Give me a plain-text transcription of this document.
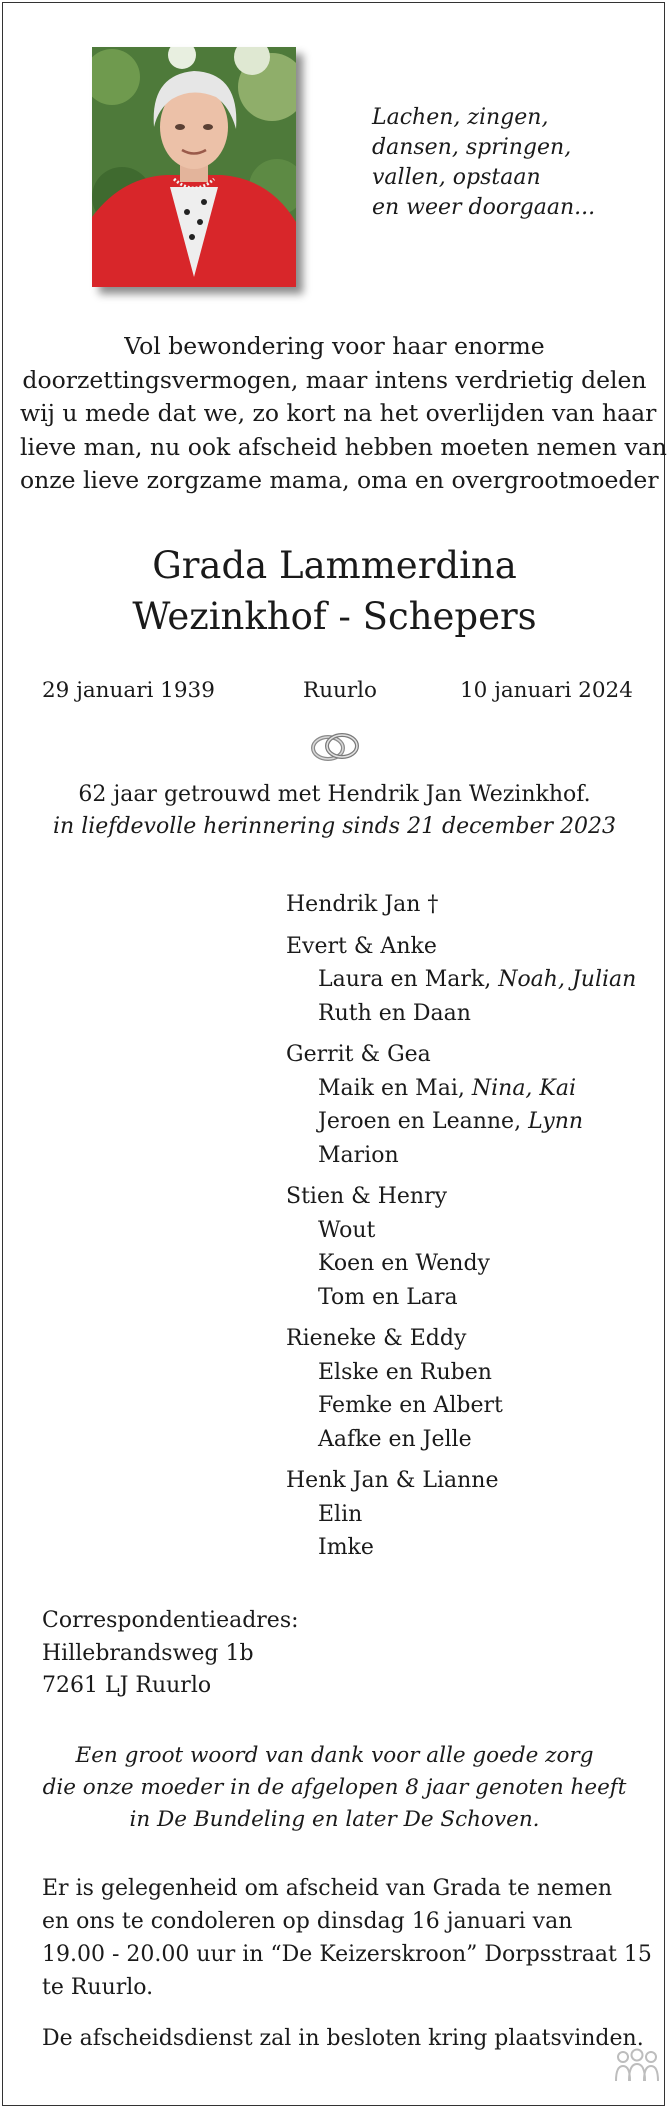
Lachen, zingen,
dansen, springen,
vallen, opstaan
en weer doorgaan...
Vol bewondering voor haar enorme
doorzettingsvermogen, maar intens verdrietig delen
wij u mede dat we, zo kort na het overlijden van haar
lieve man, nu ook afscheid hebben moeten nemen van
onze lieve zorgzame mama, oma en overgrootmoeder
Grada Lammerdina
Wezinkhof - Schepers
29 januari 1939	Ruurlo	10 januari 2024
62 jaar getrouwd met Hendrik Jan Wezinkhof.
in liefdevolle herinnering sinds 21 december 2023
Hendrik Jan †
Evert & Anke
Laura en Mark, Noah, Julian
Ruth en Daan
Gerrit & Gea
Maik en Mai, Nina, Kai
Jeroen en Leanne, Lynn
Marion
Stien & Henry
Wout
Koen en Wendy
Tom en Lara
Rieneke & Eddy
Elske en Ruben
Femke en Albert
Aafke en Jelle
Henk Jan & Lianne
Elin
Imke
Correspondentieadres:
Hillebrandsweg 1b
7261 LJ Ruurlo
Een groot woord van dank voor alle goede zorg
die onze moeder in de afgelopen 8 jaar genoten heeft
in De Bundeling en later De Schoven.
Er is gelegenheid om afscheid van Grada te nemen
en ons te condoleren op dinsdag 16 januari van
19.00 - 20.00 uur in “De Keizerskroon” Dorpsstraat 15
te Ruurlo.
De afscheidsdienst zal in besloten kring plaatsvinden.
